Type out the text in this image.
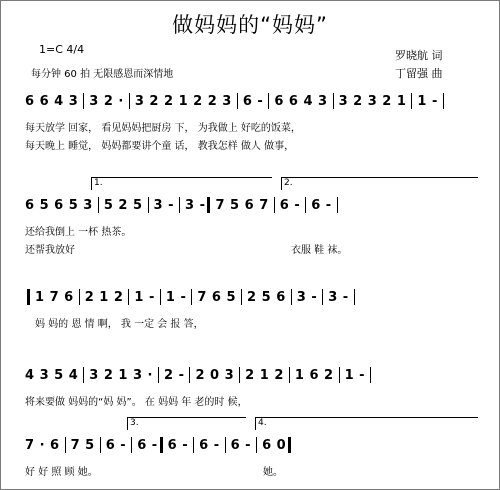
做妈妈的“妈妈”
1=C 4/4
每分钟 60 拍 无限感恩而深情地
罗晓航 词
丁留强 曲
6 6 4 3 3 2 · 3 2 2 1 2 2 3 6 - 6 6 4 3 3 2 3 2 1 1 -
每天放学 回家， 看见妈妈把厨房 下， 为我做上 好吃的饭菜，
每天晚上 睡觉， 妈妈都要讲个童 话， 教我怎样 做人 做事，
1.	2.
6 5 6 5 3 5 2 5 3 - 3 - 7 5 6 7 6 - 6 -
还给我倒上 一杯 热茶。
还帮我放好	衣服 鞋 袜。
1 7 6 2 1 2 1 - 1 - 7 6 5 2 5 6 3 - 3 -
妈 妈的 恩 情 啊， 我 一定 会 报 答，
4 3 5 4 3 2 1 3 · 2 - 2 0 3 2 1 2 1 6 2 1 -
将来要做 妈妈的“妈 妈”。 在 妈妈 年 老的时 候，
3.	4.
7 · 6 7 5 6 - 6 - 6 - 6 - 6 - 6 0
好 好 照 顾 她。	她。
